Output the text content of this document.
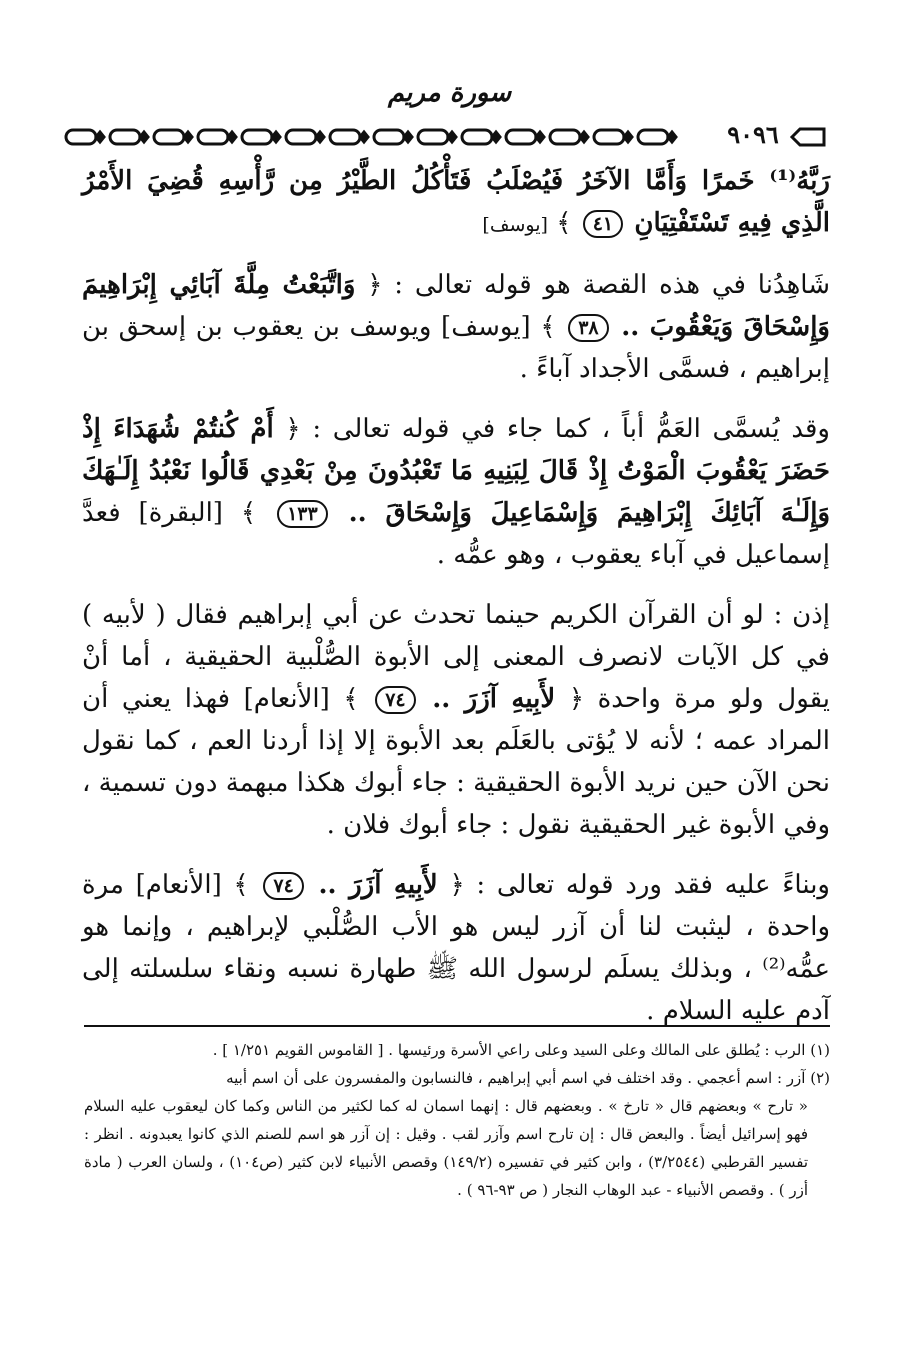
سورة مريم
٩٠٩٦

رَبَّهُ⁽¹⁾ خَمرًا وَأَمَّا الآخَرُ فَيُصْلَبُ فَتَأْكُلُ الطَّيْرُ مِن رَّأْسِهِ قُضِيَ الأَمْرُ الَّذِي فِيهِ تَسْتَفْتِيَانِ ٤١ ﴾ [يوسف]

شَاهِدُنا في هذه القصة هو قوله تعالى : ﴿ وَاتَّبَعْتُ مِلَّةَ آبَائِي إِبْرَاهِيمَ وَإِسْحَاقَ وَيَعْقُوبَ .. ٣٨ ﴾ [يوسف] ويوسف بن يعقوب بن إسحق بن إبراهيم ، فسمَّى الأجداد آباءً .

وقد يُسمَّى العَمُّ أباً ، كما جاء في قوله تعالى : ﴿ أَمْ كُنتُمْ شُهَدَاءَ إِذْ حَضَرَ يَعْقُوبَ الْمَوْتُ إِذْ قَالَ لِبَنِيهِ مَا تَعْبُدُونَ مِنْ بَعْدِي قَالُوا نَعْبُدُ إِلَـٰهَكَ وَإِلَـٰهَ آبَائِكَ إِبْرَاهِيمَ وَإِسْمَاعِيلَ وَإِسْحَاقَ .. ١٣٣ ﴾ [البقرة] فعدَّ إسماعيل في آباء يعقوب ، وهو عمُّه .

إذن : لو أن القرآن الكريم حينما تحدث عن أبي إبراهيم فقال ( لأبيه ) في كل الآيات لانصرف المعنى إلى الأبوة الصُّلْبية الحقيقية ، أما أنْ يقول ولو مرة واحدة ﴿ لأَبِيهِ آزَرَ .. ٧٤ ﴾ [الأنعام] فهذا يعني أن المراد عمه ؛ لأنه لا يُؤتى بالعَلَم بعد الأبوة إلا إذا أردنا العم ، كما نقول نحن الآن حين نريد الأبوة الحقيقية : جاء أبوك هكذا مبهمة دون تسمية ، وفي الأبوة غير الحقيقية نقول : جاء أبوك فلان .

وبناءً عليه فقد ورد قوله تعالى : ﴿ لأَبِيهِ آزَرَ .. ٧٤ ﴾ [الأنعام] مرة واحدة ، ليثبت لنا أن آزر ليس هو الأب الصُّلْبي لإبراهيم ، وإنما هو عمُّه⁽²⁾ ، وبذلك يسلَم لرسول الله ﷺ طهارة نسبه ونقاء سلسلته إلى آدم عليه السلام .

(١) الرب : يُطلق على المالك وعلى السيد وعلى راعي الأسرة ورئيسها . [ القاموس القويم ١/٢٥١ ] .

(٢) آزر : اسم أعجمي . وقد اختلف في اسم أبي إبراهيم ، فالنسابون والمفسرون على أن اسم أبيه

« تارح » وبعضهم قال « تارخ » . وبعضهم قال : إنهما اسمان له كما لكثير من الناس وكما كان ليعقوب عليه السلام فهو إسرائيل أيضاً . والبعض قال : إن تارح اسم وآزر لقب . وقيل : إن آزر هو اسم للصنم الذي كانوا يعبدونه . انظر : تفسير القرطبي (٣/٢٥٤٤) ، وابن كثير في تفسيره (١٤٩/٢) وقصص الأنبياء لابن كثير (ص١٠٤) ، ولسان العرب ( مادة أزر ) . وقصص الأنبياء - عبد الوهاب النجار ( ص ٩٣-٩٦ ) .
